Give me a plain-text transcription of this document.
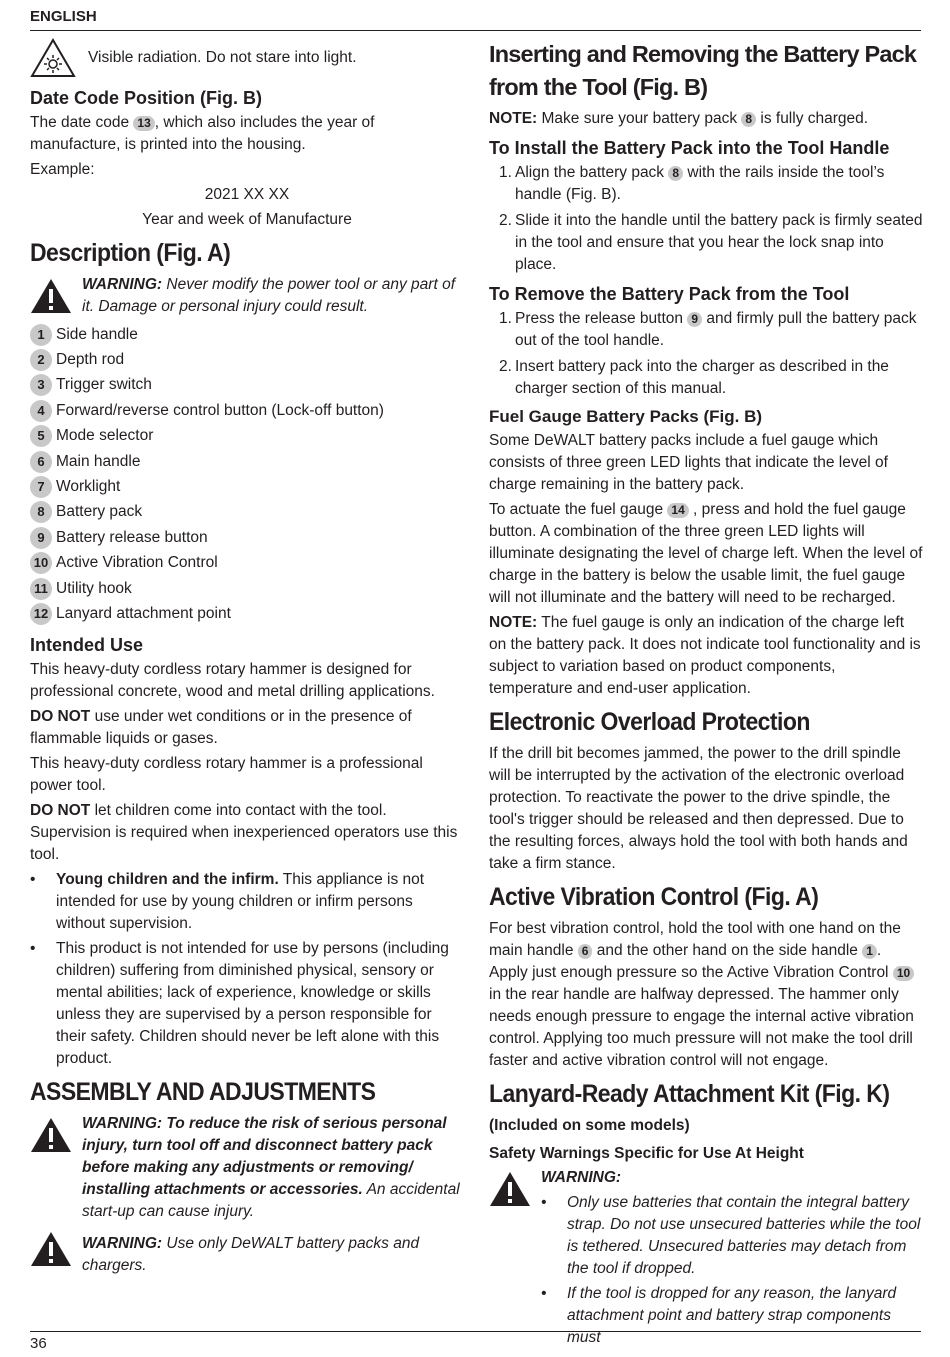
ENGLISH
Visible radiation. Do not stare into light.
Date Code Position (Fig. B)

The date code 13 , which also includes the year of manufacture, is printed into the housing.

Example:

2021 XX XX

Year and week of Manufacture

Description (Fig. A)
WARNING: Never modify the power tool or any part of it. Damage or personal injury could result.
1 Side handle
2 Depth rod
3 Trigger switch
4 Forward/reverse control button (Lock-off button)
5 Mode selector
6 Main handle
7 Worklight
8 Battery pack
9 Battery release button
10 Active Vibration Control
11 Utility hook
12 Lanyard attachment point
Intended Use

This heavy-duty cordless rotary hammer is designed for professional concrete, wood and metal drilling applications.

DO NOT use under wet conditions or in the presence of flammable liquids or gases.

This heavy-duty cordless rotary hammer is a professional power tool.

DO NOT let children come into contact with the tool. Supervision is required when inexperienced operators use this tool.

•	Young children and the infirm. This appliance is not intended for use by young children or infirm persons without supervision.
•	This product is not intended for use by persons (including children) suffering from diminished physical, sensory or mental abilities; lack of experience, knowledge or skills unless they are supervised by a person responsible for their safety. Children should never be left alone with this product.
ASSEMBLY AND ADJUSTMENTS
WARNING: To reduce the risk of serious personal injury, turn tool off and disconnect battery pack before making any adjustments or removing/ installing attachments or accessories. An accidental start-up can cause injury.
WARNING: Use only DeWALT battery packs and chargers.
Inserting and Removing the Battery Pack from the Tool (Fig. B)

NOTE: Make sure your battery pack 8 is fully charged.

To Install the Battery Pack into the Tool Handle
1. Align the battery pack 8 with the rails inside the tool’s handle (Fig. B).
2. Slide it into the handle until the battery pack is firmly seated in the tool and ensure that you hear the lock snap into place.
To Remove the Battery Pack from the Tool
1. Press the release button 9 and firmly pull the battery pack out of the tool handle.
2. Insert battery pack into the charger as described in the charger section of this manual.
Fuel Gauge Battery Packs (Fig. B)

Some DeWALT battery packs include a fuel gauge which consists of three green LED lights that indicate the level of charge remaining in the battery pack.

To actuate the fuel gauge 14 , press and hold the fuel gauge button. A combination of the three green LED lights will illuminate designating the level of charge left. When the level of charge in the battery is below the usable limit, the fuel gauge will not illuminate and the battery will need to be recharged.

NOTE: The fuel gauge is only an indication of the charge left on the battery pack. It does not indicate tool functionality and is subject to variation based on product components, temperature and end-user application.

Electronic Overload Protection

If the drill bit becomes jammed, the power to the drill spindle will be interrupted by the activation of the electronic overload protection. To reactivate the power to the drive spindle, the tool's trigger should be released and then depressed. Due to the resulting forces, always hold the tool with both hands and take a firm stance.

Active Vibration Control (Fig. A)

For best vibration control, hold the tool with one hand on the main handle 6 and the other hand on the side handle 1 . Apply just enough pressure so the Active Vibration Control 10 in the rear handle are halfway depressed. The hammer only needs enough pressure to engage the internal active vibration control. Applying too much pressure will not make the tool drill faster and active vibration control will not engage.

Lanyard-Ready Attachment Kit (Fig. K)
(Included on some models)
Safety Warnings Specific for Use At Height
WARNING:
•	Only use batteries that contain the integral battery strap. Do not use unsecured batteries while the tool is tethered. Unsecured batteries may detach from the tool if dropped.
•	If the tool is dropped for any reason, the lanyard attachment point and battery strap components must
36
